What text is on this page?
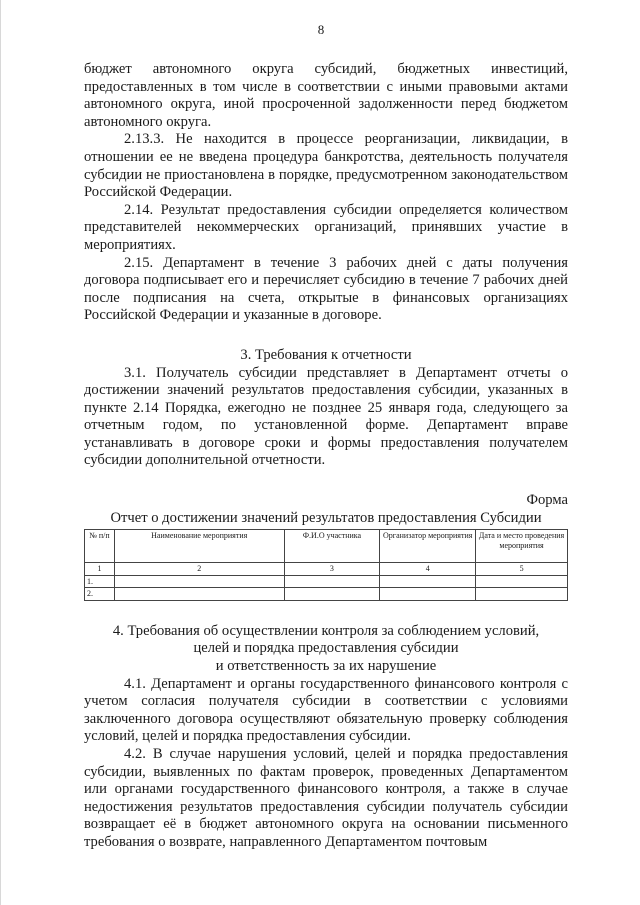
8

бюджет автономного округа субсидий, бюджетных инвестиций, предоставленных в том числе в соответствии с иными правовыми актами автономного округа, иной просроченной задолженности перед бюджетом автономного округа.

2.13.3. Не находится в процессе реорганизации, ликвидации, в отношении ее не введена процедура банкротства, деятельность получателя субсидии не приостановлена в порядке, предусмотренном законодательством Российской Федерации.

2.14. Результат предоставления субсидии определяется количеством представителей некоммерческих организаций, принявших участие в мероприятиях.

2.15. Департамент в течение 3 рабочих дней с даты получения договора подписывает его и перечисляет субсидию в течение 7 рабочих дней после подписания на счета, открытые в финансовых организациях Российской Федерации и указанные в договоре.

3. Требования к отчетности

3.1. Получатель субсидии представляет в Департамент отчеты о достижении значений результатов предоставления субсидии, указанных в пункте 2.14 Порядка, ежегодно не позднее 25 января года, следующего за отчетным годом, по установленной форме. Департамент вправе устанавливать в договоре сроки и формы предоставления получателем субсидии дополнительной отчетности.

Форма

Отчет о достижении значений результатов предоставления Субсидии

№ п/п	Наименование мероприятия	Ф.И.О участника	Организатор мероприятия	Дата и место проведения мероприятия
1	2	3	4	5
1.				
2.				

4. Требования об осуществлении контроля за соблюдением условий,

целей и порядка предоставления субсидии

и ответственность за их нарушение

4.1. Департамент и органы государственного финансового контроля с учетом согласия получателя субсидии в соответствии с условиями заключенного договора осуществляют обязательную проверку соблюдения условий, целей и порядка предоставления субсидии.

4.2. В случае нарушения условий, целей и порядка предоставления субсидии, выявленных по фактам проверок, проведенных Департаментом или органами государственного финансового контроля, а также в случае недостижения результатов предоставления субсидии получатель субсидии возвращает её в бюджет автономного округа на основании письменного требования о возврате, направленного Департаментом почтовым
